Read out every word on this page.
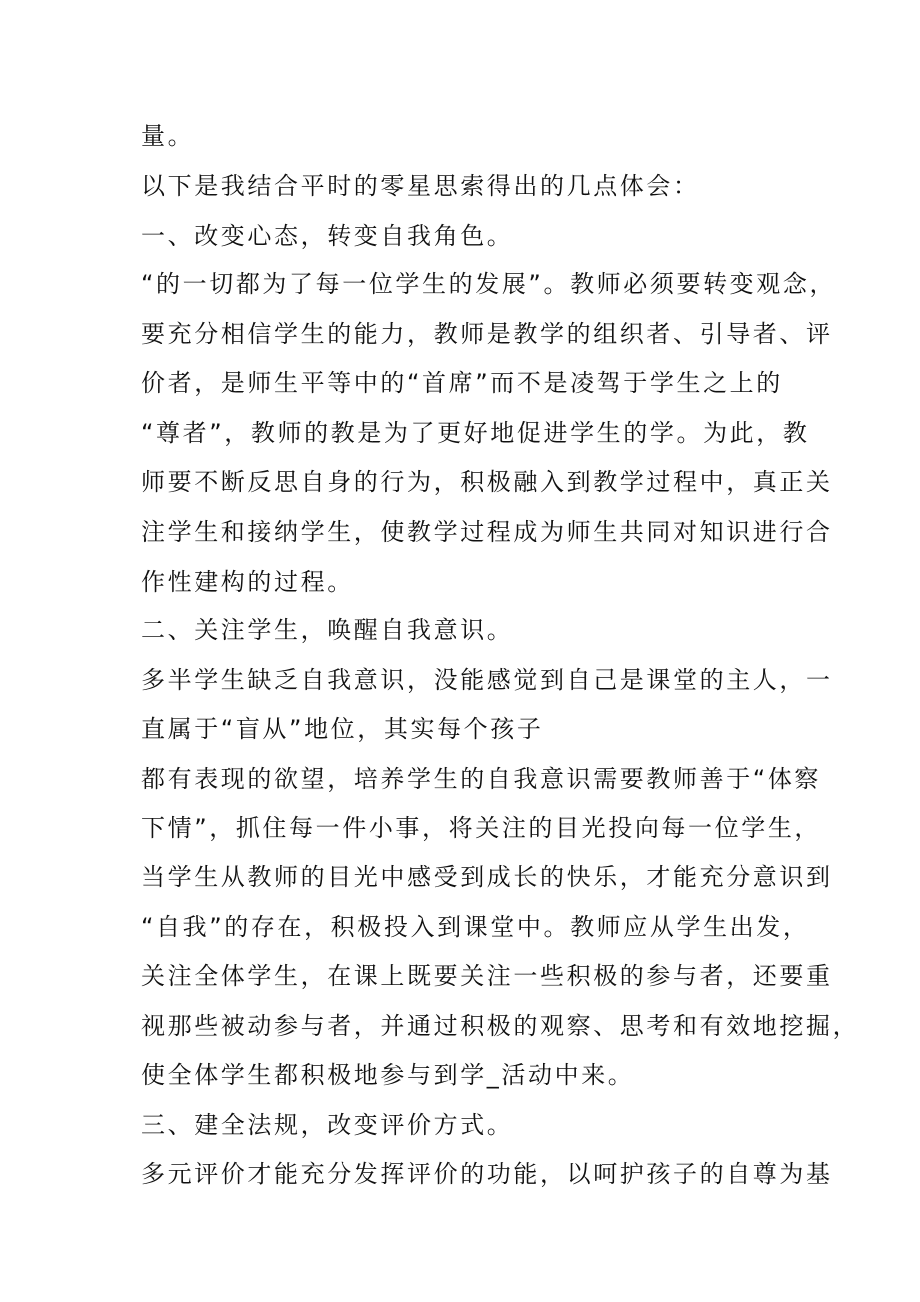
量。

以下是我结合平时的零星思索得出的几点体会：

一、改变心态，转变自我角色。

“的一切都为了每一位学生的发展”。教师必须要转变观念，

要充分相信学生的能力，教师是教学的组织者、引导者、评

价者，是师生平等中的“首席”而不是凌驾于学生之上的

“尊者”，教师的教是为了更好地促进学生的学。为此，教

师要不断反思自身的行为，积极融入到教学过程中，真正关

注学生和接纳学生，使教学过程成为师生共同对知识进行合

作性建构的过程。

二、关注学生，唤醒自我意识。

多半学生缺乏自我意识，没能感觉到自己是课堂的主人，一

直属于“盲从”地位，其实每个孩子

都有表现的欲望，培养学生的自我意识需要教师善于“体察

下情”，抓住每一件小事，将关注的目光投向每一位学生，

当学生从教师的目光中感受到成长的快乐，才能充分意识到

“自我”的存在，积极投入到课堂中。教师应从学生出发，

关注全体学生，在课上既要关注一些积极的参与者，还要重

视那些被动参与者，并通过积极的观察、思考和有效地挖掘，

使全体学生都积极地参与到学_活动中来。

三、建全法规，改变评价方式。

多元评价才能充分发挥评价的功能，以呵护孩子的自尊为基
